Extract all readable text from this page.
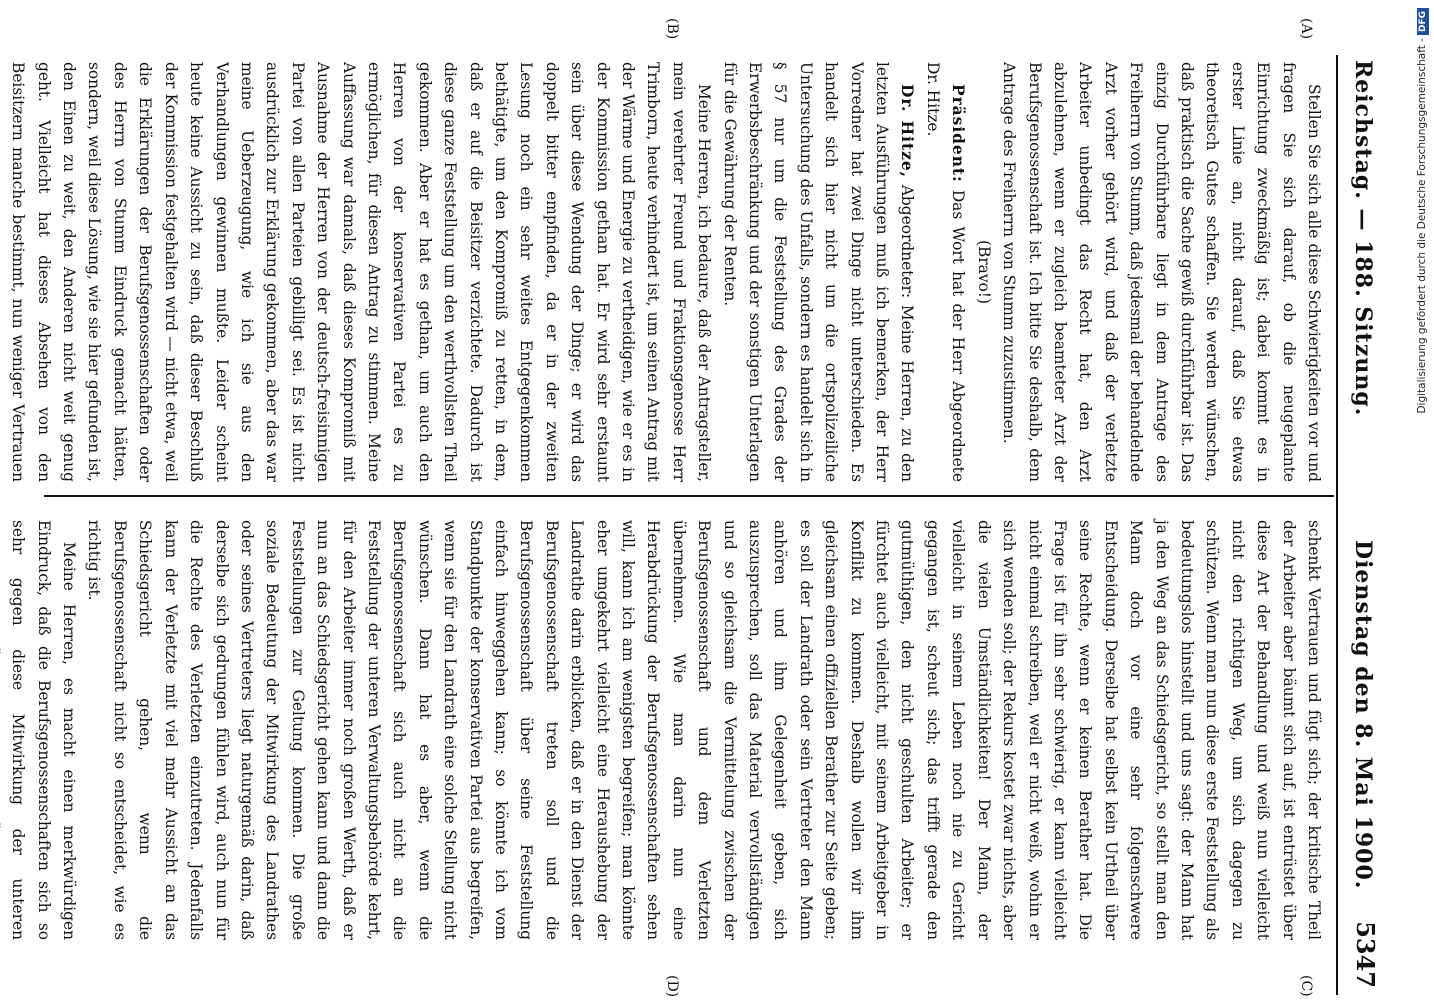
Reichstag. — 188. Sitzung.
Dienstag den 8. Mai 1900.
5347
(A)
(B)
(C)
(D)

Stellen Sie sich alle diese Schwierigkeiten vor und fragen Sie sich darauf, ob die neugeplante Einrichtung zweckmäßig ist; dabei kommt es in erster Linie an, nicht darauf, daß Sie etwas theoretisch Gutes schaffen. Sie werden wünschen, daß praktisch die Sache gewiß durchführbar ist. Das einzig Durchführbare liegt in dem Antrage des Freiherrn von Stumm, daß jedesmal der behandelnde Arzt vorher gehört wird, und daß der verletzte Arbeiter unbedingt das Recht hat, den Arzt abzulehnen, wenn er zugleich beamteter Arzt der Berufsgenossenschaft ist. Ich bitte Sie deshalb, dem Antrage des Freiherrn von Stumm zuzustimmen.

(Bravo!)

Präsident: Das Wort hat der Herr Abgeordnete Dr. Hitze.

Dr. Hitze, Abgeordneter: Meine Herren, zu den letzten Ausführungen muß ich bemerken, der Herr Vorredner hat zwei Dinge nicht unterschieden. Es handelt sich hier nicht um die ortspolizeiliche Untersuchung des Unfalls, sondern es handelt sich in § 57 nur um die Feststellung des Grades der Erwerbsbeschränkung und der sonstigen Unterlagen für die Gewährung der Renten.

Meine Herren, ich bedaure, daß der Antragsteller, mein verehrter Freund und Fraktionsgenosse Herr Trimborn, heute verhindert ist, um seinen Antrag mit der Wärme und Energie zu vertheidigen, wie er es in der Kommission gethan hat. Er wird sehr erstaunt sein über diese Wendung der Dinge; er wird das doppelt bitter empfinden, da er in der zweiten Lesung noch ein sehr weites Entgegenkommen bethätigte, um den Kompromiß zu retten, in dem, daß er auf die Beisitzer verzichtete. Dadurch ist diese ganze Feststellung um den werthvollsten Theil gekommen. Aber er hat es gethan, um auch den Herren von der konservativen Partei es zu ermöglichen, für diesen Antrag zu stimmen. Meine Auffassung war damals, daß dieses Kompromiß mit Ausnahme der Herren von der deutsch-freisinnigen Partei von allen Parteien gebilligt sei. Es ist nicht ausdrücklich zur Erklärung gekommen, aber das war meine Ueberzeugung, wie ich sie aus den Verhandlungen gewinnen mußte. Leider scheint heute keine Aussicht zu sein, daß dieser Beschluß der Kommission festgehalten wird — nicht etwa, weil die Erklärungen der Berufsgenossenschaften oder des Herrn von Stumm Eindruck gemacht hätten, sondern, weil diese Lösung, wie sie hier gefunden ist, den Einen zu weit, den Anderen nicht weit genug geht. Vielleicht hat dieses Absehen von den Beisitzern manche bestimmt, nun weniger Vertrauen

schenkt Vertrauen und fügt sich; der kritische Theil der Arbeiter aber bäumt sich auf, ist entrüstet über diese Art der Behandlung und weiß nun vielleicht nicht den richtigen Weg, um sich dagegen zu schützen. Wenn man nun diese erste Feststellung als bedeutungslos hinstellt und uns sagt: der Mann hat ja den Weg an das Schiedsgericht, so stellt man den Mann doch vor eine sehr folgenschwere Entscheidung. Derselbe hat selbst kein Urtheil über seine Rechte, wenn er keinen Berather hat. Die Frage ist für ihn sehr schwierig, er kann vielleicht nicht einmal schreiben, weil er nicht weiß, wohin er sich wenden soll; der Rekurs kostet zwar nichts, aber die vielen Umständlichkeiten! Der Mann, der vielleicht in seinem Leben noch nie zu Gericht gegangen ist, scheut sich; das trifft gerade den gutmüthigen, den nicht geschulten Arbeiter; er fürchtet auch vielleicht, mit seinem Arbeitgeber in Konflikt zu kommen. Deshalb wollen wir ihm gleichsam einen offiziellen Berather zur Seite geben; es soll der Landrath oder sein Vertreter den Mann anhören und ihm Gelegenheit geben, sich auszusprechen, soll das Material vervollständigen und so gleichsam die Vermittelung zwischen der Berufsgenossenschaft und dem Verletzten übernehmen. Wie man darin nun eine Herabdrückung der Berufsgenossenschaften sehen will, kann ich am wenigsten begreifen; man könnte eher umgekehrt vielleicht eine Heraushebung der Landrathe darin erblicken, daß er in den Dienst der Berufsgenossenschaft treten soll und die Berufsgenossenschaft über seine Feststellung einfach hinweggehen kann; so könnte ich vom Standpunkte der konservativen Partei aus begreifen, wenn sie für den Landrath eine solche Stellung nicht wünschen. Dann hat es aber, wenn die Berufsgenossenschaft sich auch nicht an die Feststellung der unteren Verwaltungsbehörde kehrt, für den Arbeiter immer noch großen Werth, daß er nun an das Schiedsgericht gehen kann und dann die Feststellungen zur Geltung kommen. Die große soziale Bedeutung der Mitwirkung des Landrathes oder seines Vertreters liegt naturgemäß darin, daß derselbe sich gedrungen fühlen wird, auch nun für die Rechte des Verletzten einzutreten. Jedenfalls kann der Verletzte mit viel mehr Aussicht an das Schiedsgericht gehen, wenn die Berufsgenossenschaft nicht so entscheidet, wie es richtig ist.

Meine Herren, es macht einen merkwürdigen Eindruck, daß die Berufsgenossenschaften sich so sehr gegen diese Mitwirkung der unteren

Digitalisierung gefördert durch die Deutsche Forschungsgemeinschaft -DFG
